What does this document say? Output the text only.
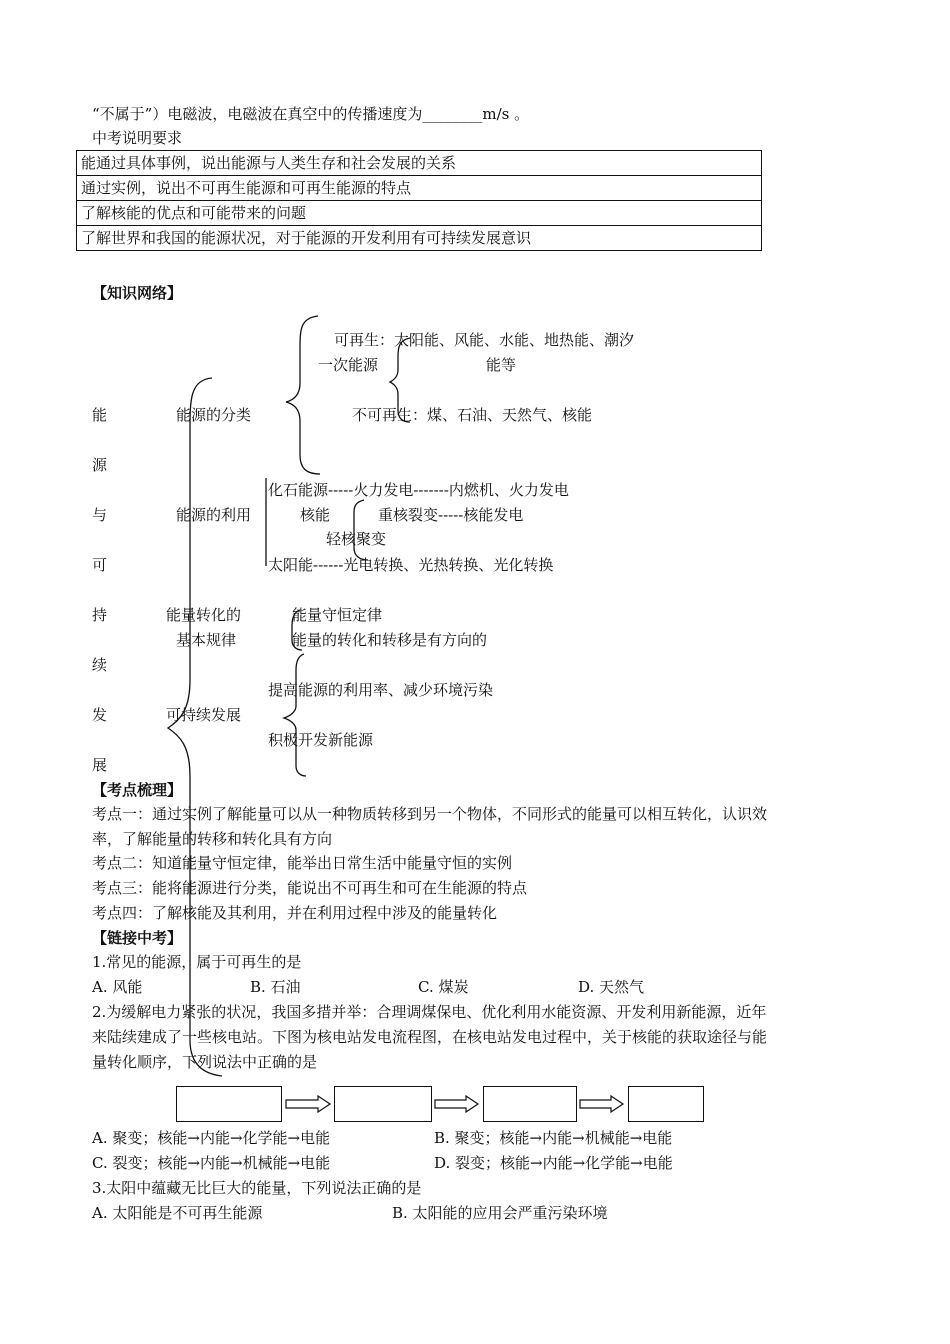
“不属于”）电磁波，电磁波在真空中的传播速度为________m/s 。
中考说明要求
能通过具体事例，说出能源与人类生存和社会发展的关系
通过实例，说出不可再生能源和可再生能源的特点
了解核能的优点和可能带来的问题
了解世界和我国的能源状况，对于能源的开发利用有可持续发展意识
【知识网络】
能
源
与
可
持
续
发
展
能源的分类
可再生：太阳能、风能、水能、地热能、潮汐
一次能源	能等
不可再生：煤、石油、天然气、核能
化石能源-----火力发电-------内燃机、火力发电
能源的利用	核能	重核裂变-----核能发电
轻核聚变
太阳能------光电转换、光热转换、光化转换
能量转化的	能量守恒定律
基本规律	能量的转化和转移是有方向的
提高能源的利用率、减少环境污染
可持续发展
积极开发新能源
【考点梳理】
考点一：通过实例了解能量可以从一种物质转移到另一个物体，不同形式的能量可以相互转化，认识效
率，了解能量的转移和转化具有方向
考点二：知道能量守恒定律，能举出日常生活中能量守恒的实例
考点三：能将能源进行分类，能说出不可再生和可在生能源的特点
考点四：了解核能及其利用，并在利用过程中涉及的能量转化
【链接中考】
1.常见的能源，属于可再生的是
A. 风能	B. 石油	C. 煤炭	D. 天然气
2.为缓解电力紧张的状况，我国多措并举：合理调煤保电、优化利用水能资源、开发利用新能源，近年
来陆续建成了一些核电站。下图为核电站发电流程图，在核电站发电过程中，关于核能的获取途径与能
量转化顺序，下列说法中正确的是
A. 聚变；核能→内能→化学能→电能	B. 聚变；核能→内能→机械能→电能
C. 裂变；核能→内能→机械能→电能	D. 裂变；核能→内能→化学能→电能
3.太阳中蕴藏无比巨大的能量，下列说法正确的是
A. 太阳能是不可再生能源	B. 太阳能的应用会严重污染环境
